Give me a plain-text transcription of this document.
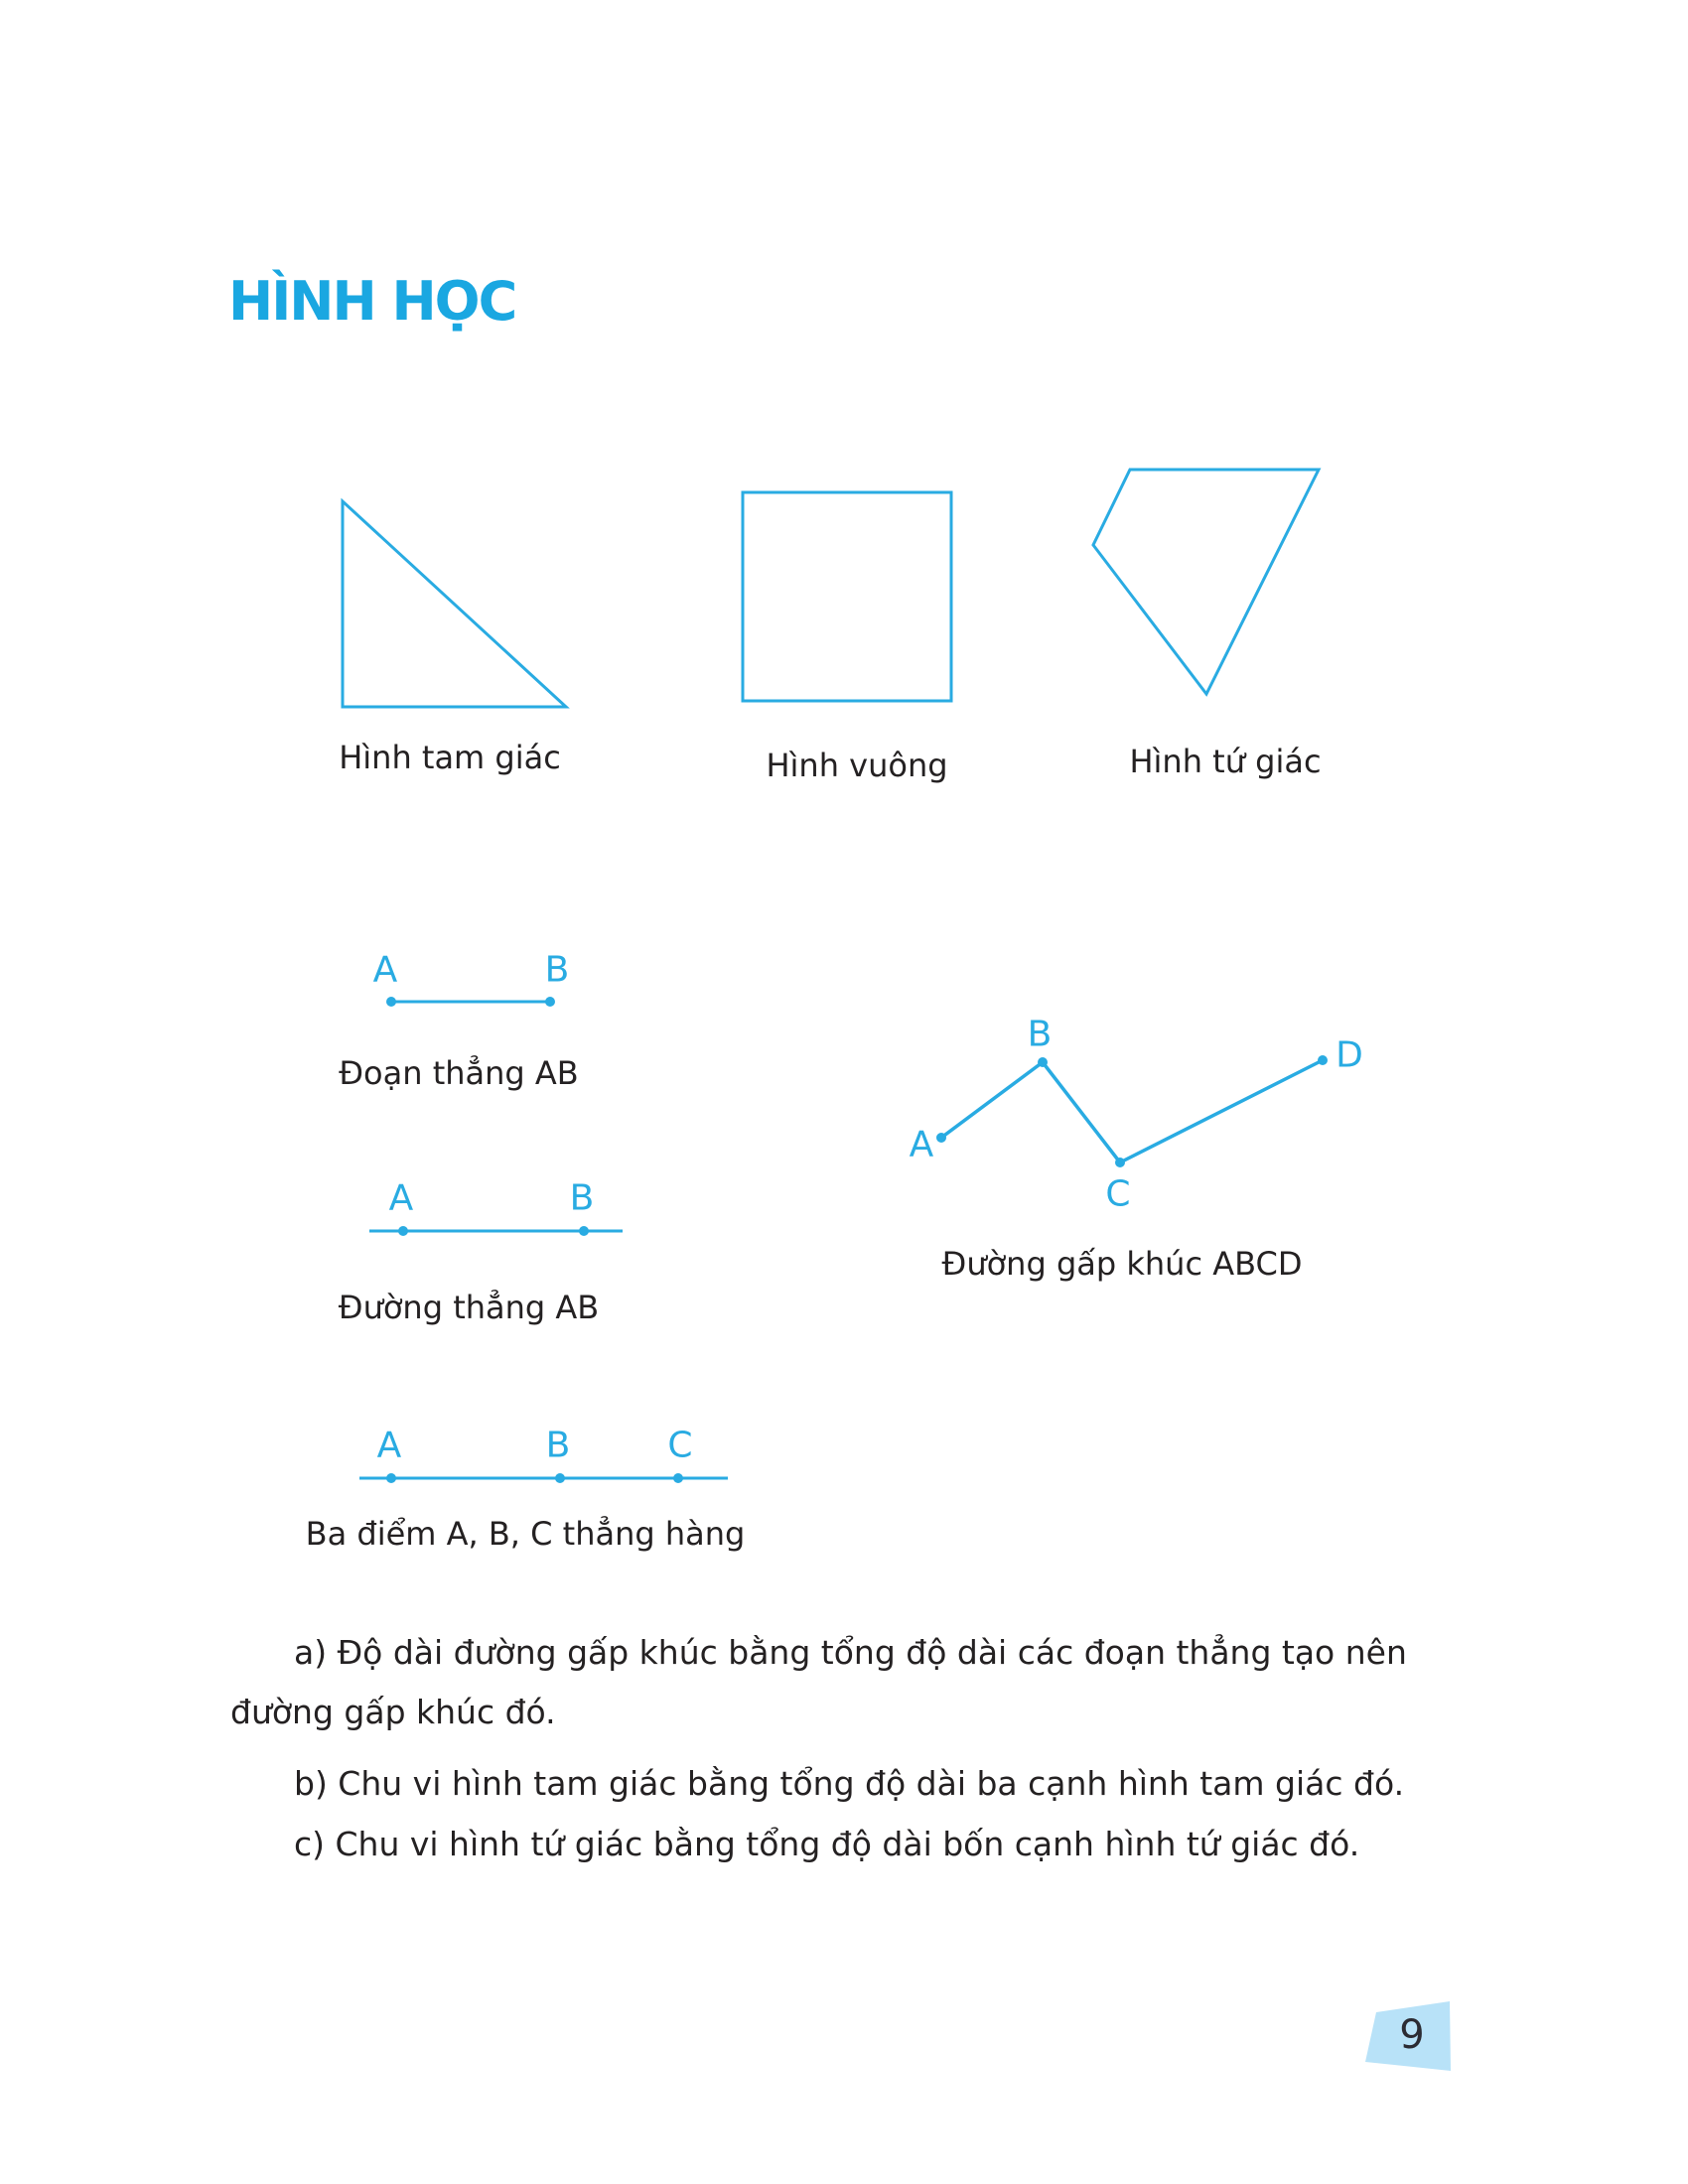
HÌNH HỌC
A	B
A	B
A
B
C
D
A	B	C
Hình tam giác	Hình vuông	Hình tứ giác
Đoạn thẳng AB
Đường thẳng AB
Đường gấp khúc ABCD
Ba điểm A, B, C thẳng hàng
a) Độ dài đường gấp khúc bằng tổng độ dài các đoạn thẳng tạo nên đường gấp khúc đó.
b) Chu vi hình tam giác bằng tổng độ dài ba cạnh hình tam giác đó.
c) Chu vi hình tứ giác bằng tổng độ dài bốn cạnh hình tứ giác đó.
9
